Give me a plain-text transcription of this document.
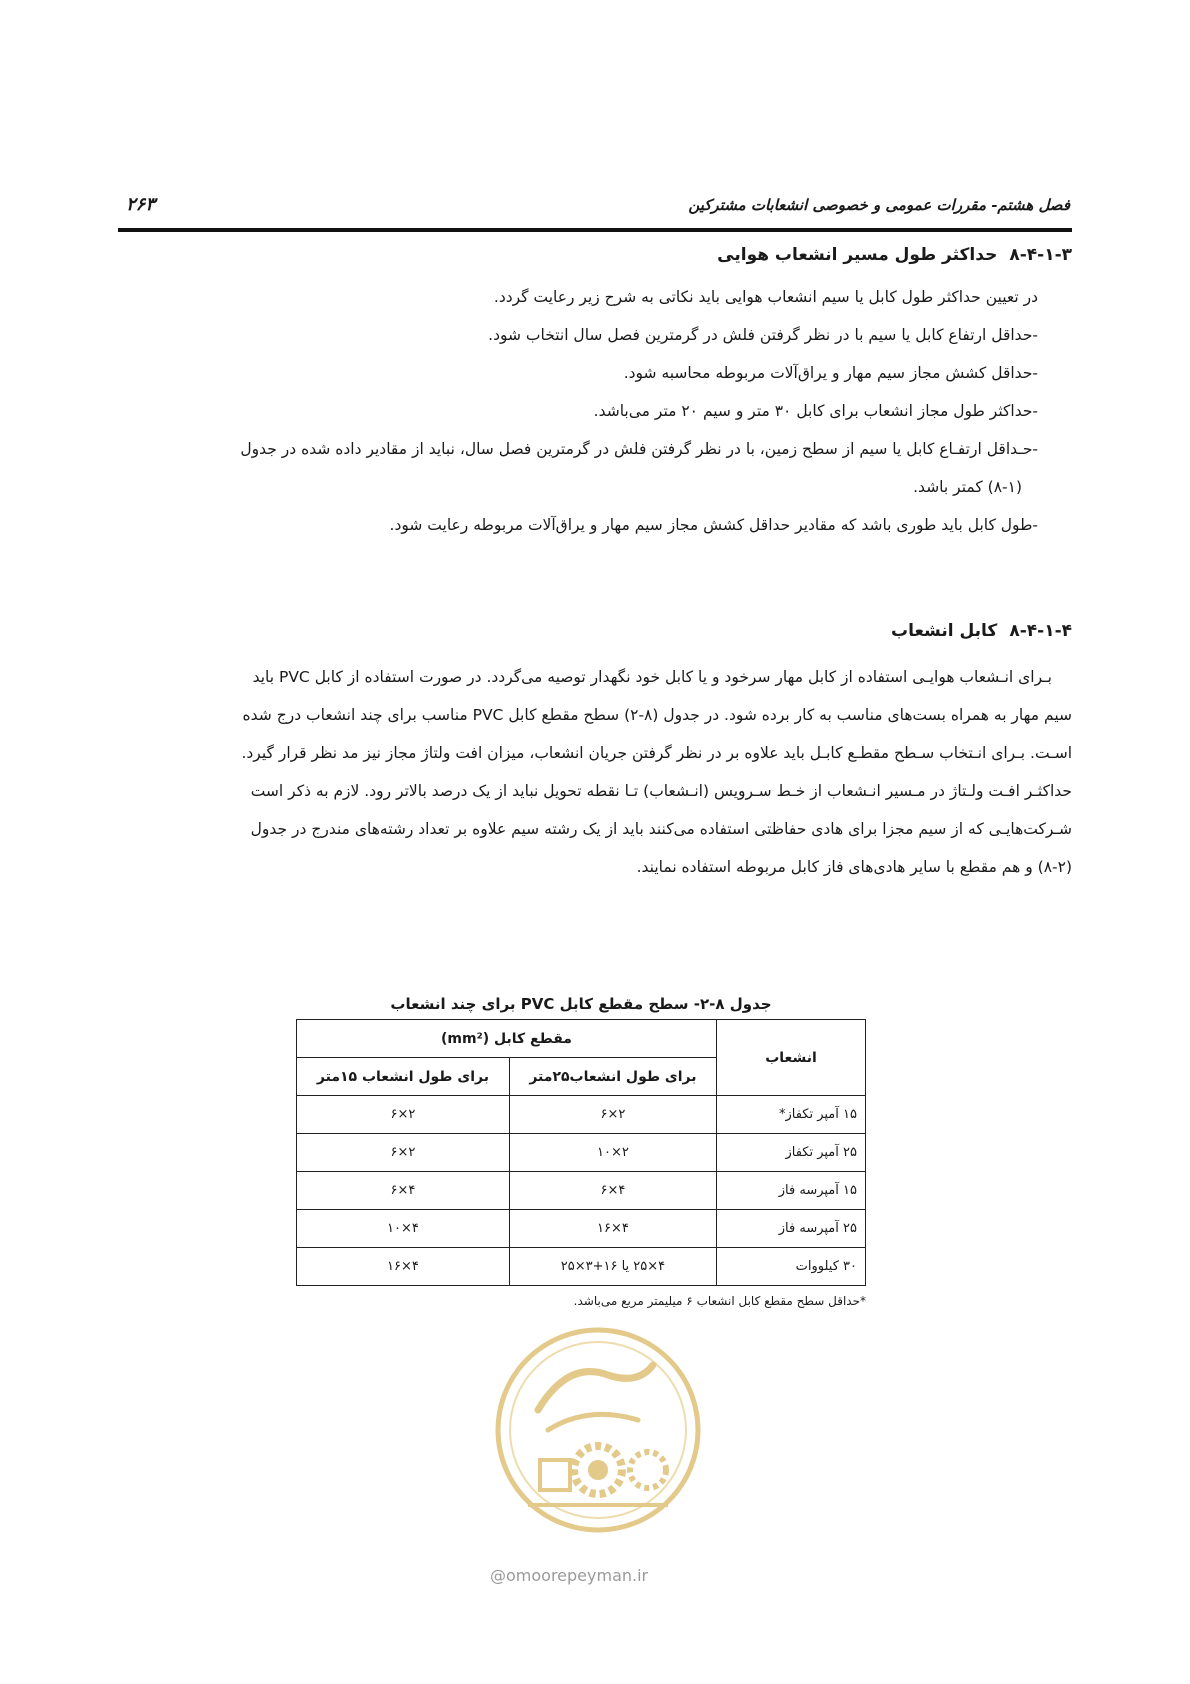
فصل هشتم- مقررات عمومی و خصوصی انشعابات مشترکین
۲۶۳

۸-۴-۱-۳حداکثر طول مسیر انشعاب هوایی

در تعیین حداکثر طول کابل یا سیم انشعاب هوایی باید نکاتی به شرح زیر رعایت گردد.

-حداقل ارتفاع کابل یا سیم با در نظر گرفتن فلش در گرمترین فصل سال انتخاب شود.

-حداقل کشش مجاز سیم مهار و یراق‌آلات مربوطه محاسبه شود.

-حداکثر طول مجاز انشعاب برای کابل ۳۰ متر و سیم ۲۰ متر می‌باشد.

-حـداقل ارتفـاع کابل یا سیم از سطح زمین، با در نظر گرفتن فلش در گرمترین فصل سال، نباید از مقادیر داده شده در جدول

(۸-۱) کمتر باشد.

-طول کابل باید طوری باشد که مقادیر حداقل کشش مجاز سیم مهار و یراق‌آلات مربوطه رعایت شود.

۸-۴-۱-۴کابل انشعاب

بـرای انـشعاب هوایـی استفاده از کابل مهار سرخود و یا کابل خود نگهدار توصیه می‌گردد. در صورت استفاده از کابل PVC باید

سیم مهار به همراه بست‌های مناسب به کار برده شود. در جدول (۸-۲) سطح مقطع کابل PVC مناسب برای چند انشعاب درج شده

اسـت. بـرای انـتخاب سـطح مقطـع کابـل باید علاوه بر در نظر گرفتن جریان انشعاب، میزان افت ولتاژ مجاز نیز مد نظر قرار گیرد.

حداکثـر افـت ولـتاژ در مـسیر انـشعاب از خـط سـرویس (انـشعاب) تـا نقطه تحویل نباید از یک درصد بالاتر رود. لازم به ذکر است

شـرکت‌هایـی که از سیم مجزا برای هادی حفاظتی استفاده می‌کنند باید از یک رشته سیم علاوه بر تعداد رشته‌های مندرج در جدول

(۸-۲) و هم مقطع با سایر هادی‌های فاز کابل مربوطه استفاده نمایند.

جدول ۸-۲- سطح مقطع کابل PVC برای چند انشعاب
انشعاب	مقطع کابل (mm²)	
	برای طول انشعاب۲۵متر	برای طول انشعاب ۱۵متر
۱۵ آمپر تکفاز*	۲×۶	۲×۶
۲۵ آمپر تکفاز	۲×۱۰	۲×۶
۱۵ آمپرسه فاز	۴×۶	۴×۶
۲۵ آمپرسه فاز	۴×۱۶	۴×۱۰
۳۰ کیلووات	۴×۲۵ یا ۱۶+۳×۲۵	۴×۱۶
*حداقل سطح مقطع کابل انشعاب ۶ میلیمتر مربع می‌باشد.
@omoorepeyman.ir
